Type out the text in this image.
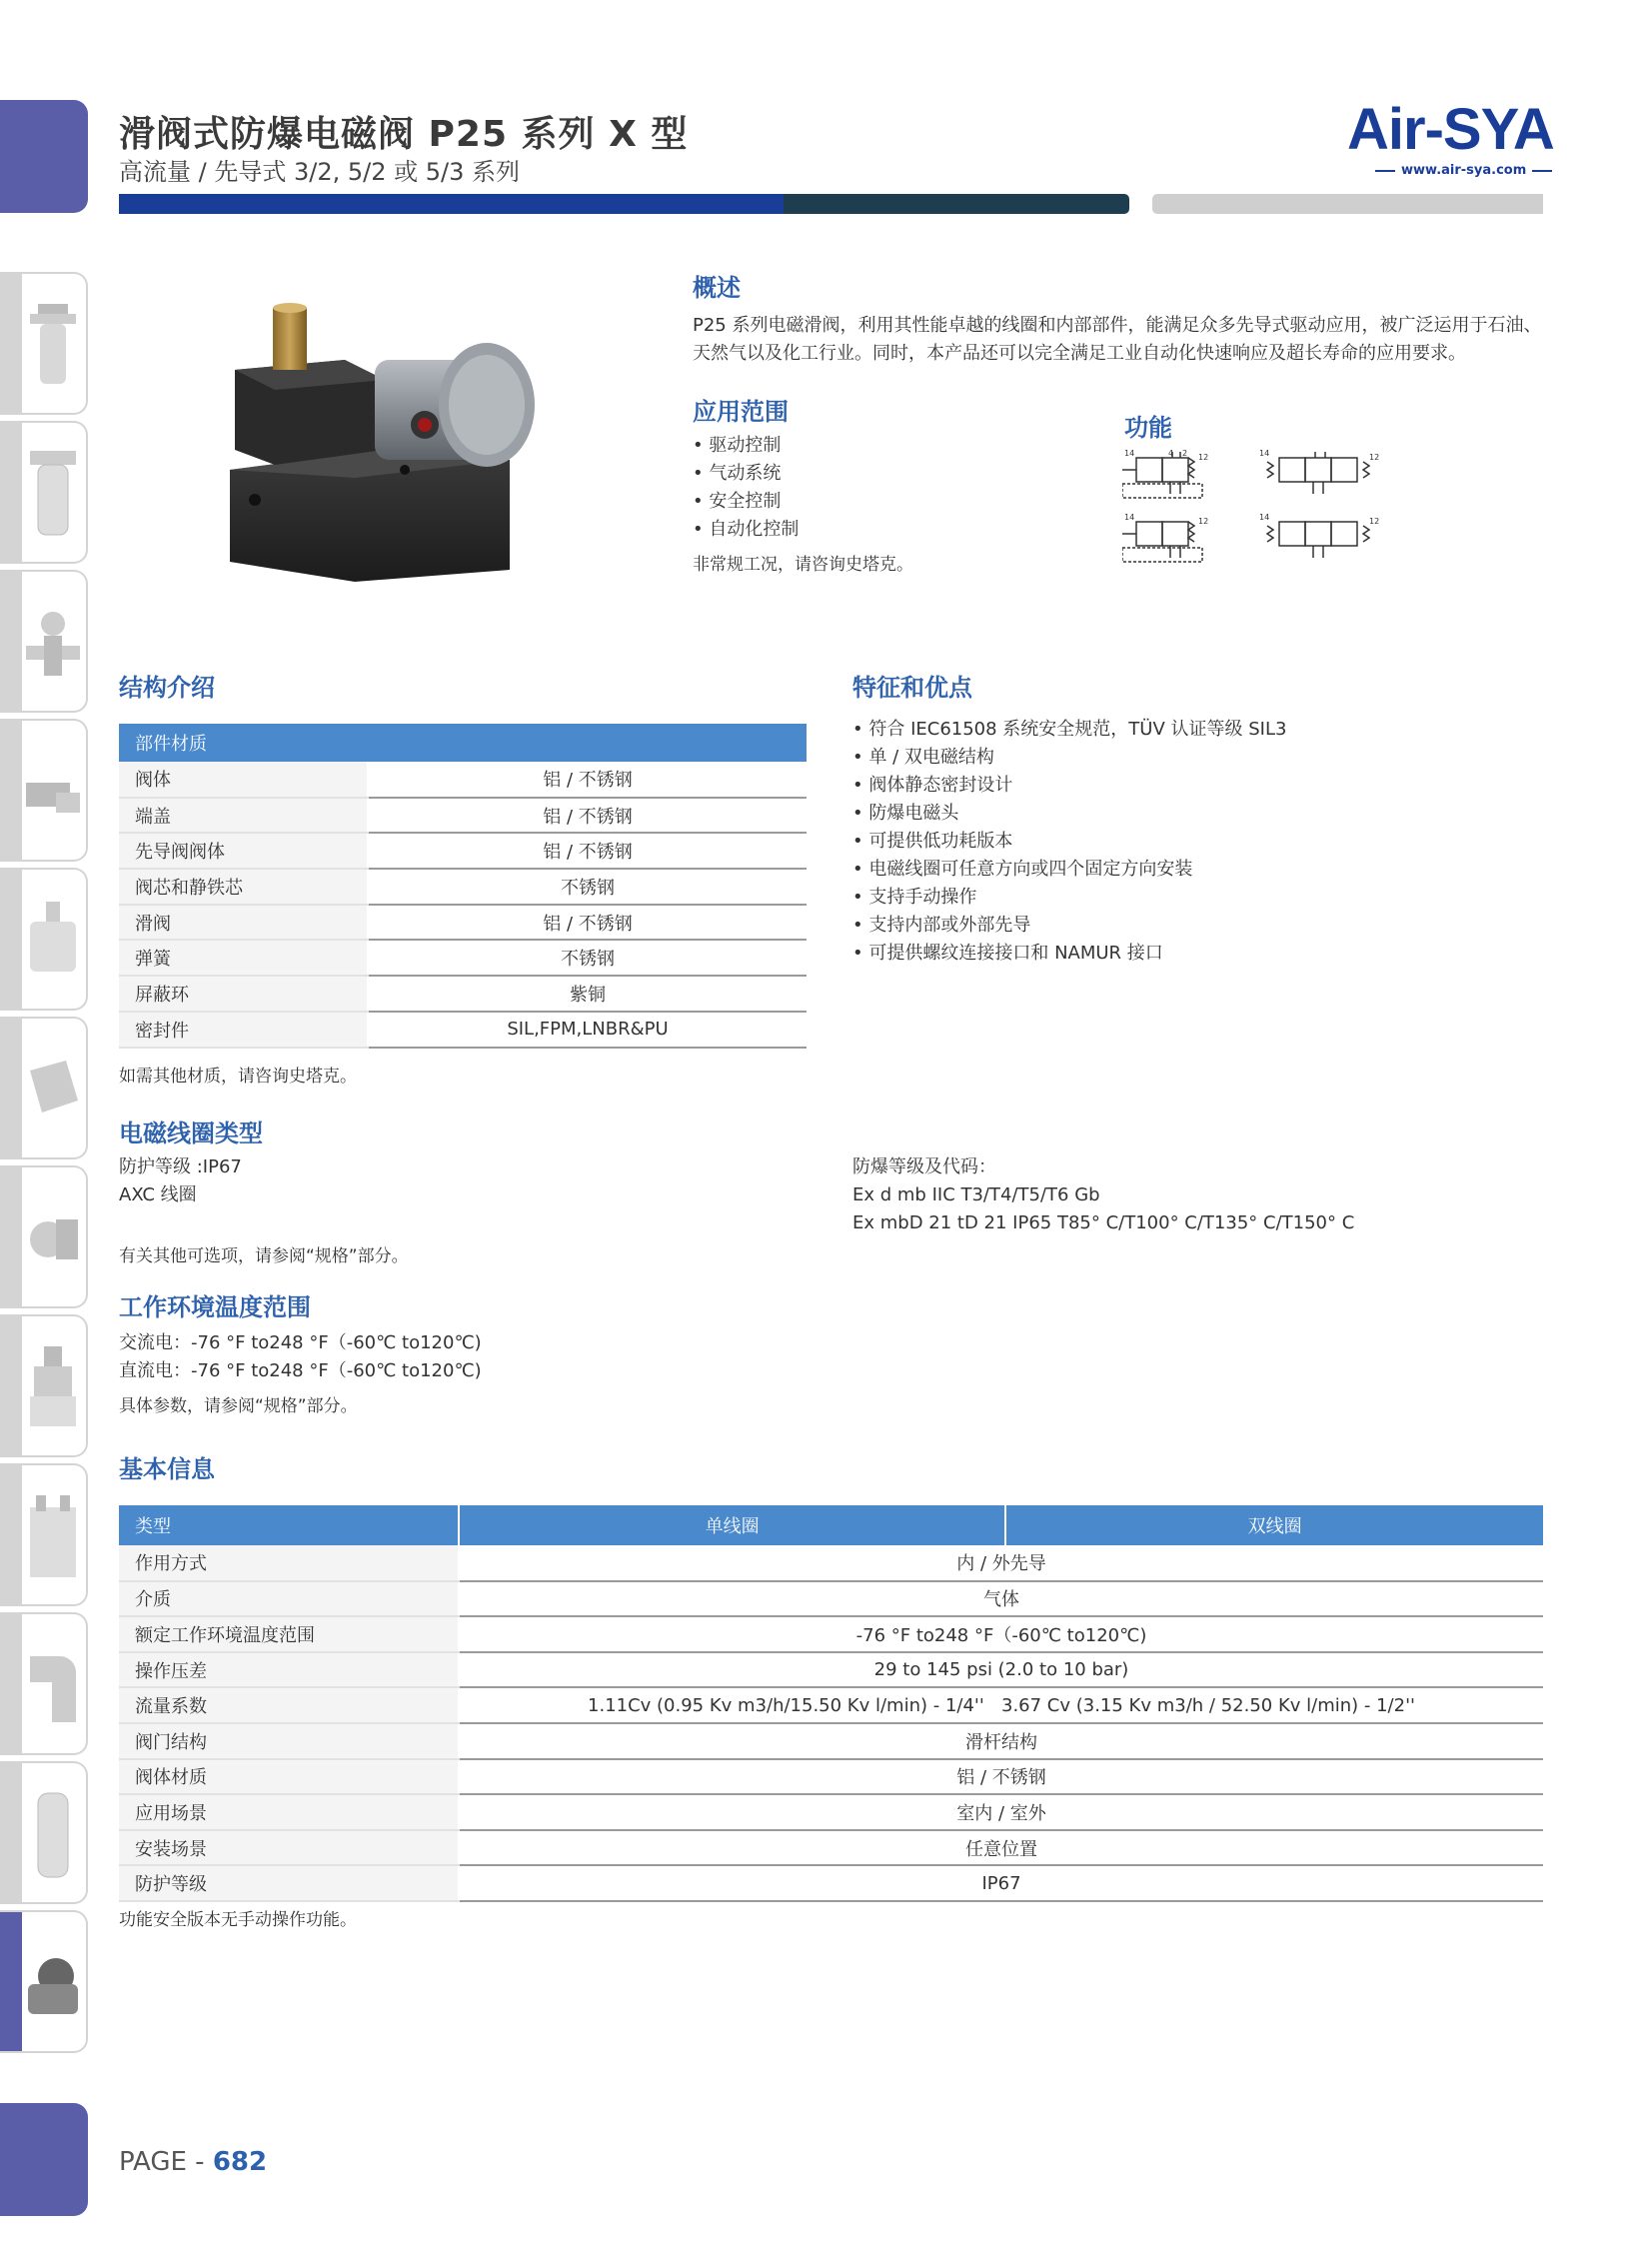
滑阀式防爆电磁阀 P25 系列 X 型
高流量 / 先导式 3/2, 5/2 或 5/3 系列
Air-SYA
www.air-sya.com
概述
P25 系列电磁滑阀，利用其性能卓越的线圈和内部部件，能满足众多先导式驱动应用，被广泛运用于石油、天然气以及化工行业。同时，本产品还可以完全满足工业自动化快速响应及超长寿命的应用要求。
应用范围
• 驱动控制
• 气动系统
• 安全控制
• 自动化控制
非常规工况，请咨询史塔克。
功能
14	4 2 12	14	12
14	12	14	12
结构介绍
部件材质	
阀体	铝 / 不锈钢
端盖	铝 / 不锈钢
先导阀阀体	铝 / 不锈钢
阀芯和静铁芯	不锈钢
滑阀	铝 / 不锈钢
弹簧	不锈钢
屏蔽环	紫铜
密封件	SIL,FPM,LNBR&PU
如需其他材质，请咨询史塔克。
特征和优点
• 符合 IEC61508 系统安全规范，TÜV 认证等级 SIL3
• 单 / 双电磁结构
• 阀体静态密封设计
• 防爆电磁头
• 可提供低功耗版本
• 电磁线圈可任意方向或四个固定方向安装
• 支持手动操作
• 支持内部或外部先导
• 可提供螺纹连接接口和 NAMUR 接口
电磁线圈类型
防护等级 :IP67
AXC 线圈
有关其他可选项，请参阅“规格”部分。
防爆等级及代码：
Ex d mb IIC T3/T4/T5/T6 Gb
Ex mbD 21 tD 21 IP65 T85° C/T100° C/T135° C/T150° C
工作环境温度范围
交流电：-76 °F to248 °F（-60℃ to120℃)
直流电：-76 °F to248 °F（-60℃ to120℃)
具体参数，请参阅“规格”部分。
基本信息
类型	单线圈	双线圈
作用方式	内 / 外先导	
介质	气体	
额定工作环境温度范围	-76 °F to248 °F（-60℃ to120℃)	
操作压差	29 to 145 psi (2.0 to 10 bar)	
流量系数	1.11Cv (0.95 Kv m3/h/15.50 Kv l/min) - 1/4''   3.67 Cv (3.15 Kv m3/h / 52.50 Kv l/min) - 1/2''	
阀门结构	滑杆结构	
阀体材质	铝 / 不锈钢	
应用场景	室内 / 室外	
安装场景	任意位置	
防护等级	IP67	
功能安全版本无手动操作功能。
PAGE - 682
